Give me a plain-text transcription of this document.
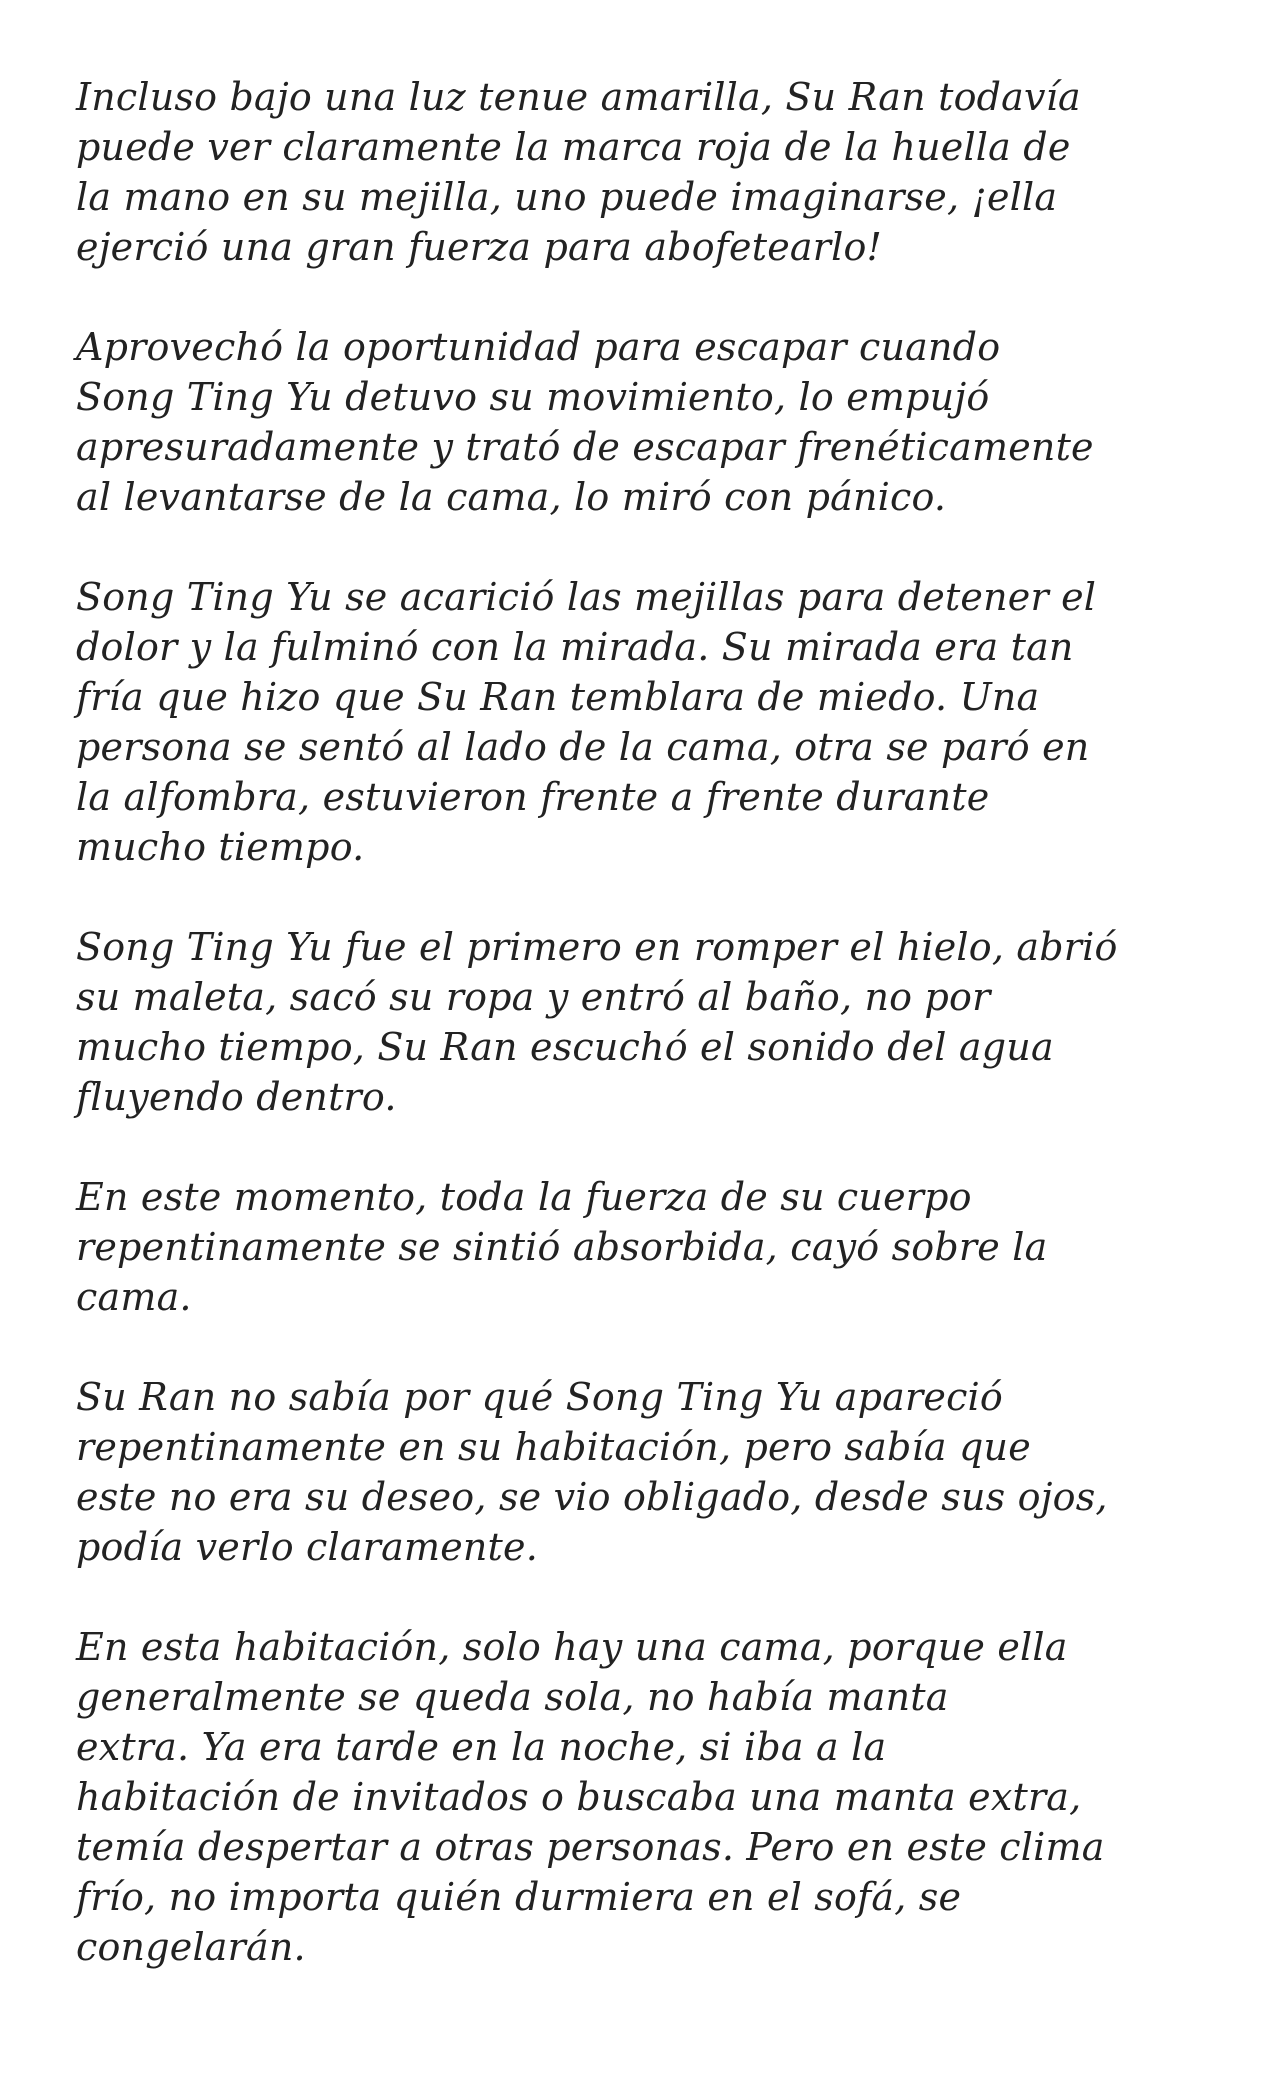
Incluso bajo una luz tenue amarilla, Su Ran todavía
puede ver claramente la marca roja de la huella de
la mano en su mejilla, uno puede imaginarse, ¡ella
ejerció una gran fuerza para abofetearlo!

Aprovechó la oportunidad para escapar cuando
Song Ting Yu detuvo su movimiento, lo empujó
apresuradamente y trató de escapar frenéticamente
al levantarse de la cama, lo miró con pánico.

Song Ting Yu se acarició las mejillas para detener el
dolor y la fulminó con la mirada. Su mirada era tan
fría que hizo que Su Ran temblara de miedo. Una
persona se sentó al lado de la cama, otra se paró en
la alfombra, estuvieron frente a frente durante
mucho tiempo.

Song Ting Yu fue el primero en romper el hielo, abrió
su maleta, sacó su ropa y entró al baño, no por
mucho tiempo, Su Ran escuchó el sonido del agua
fluyendo dentro.

En este momento, toda la fuerza de su cuerpo
repentinamente se sintió absorbida, cayó sobre la
cama.

Su Ran no sabía por qué Song Ting Yu apareció
repentinamente en su habitación, pero sabía que
este no era su deseo, se vio obligado, desde sus ojos,
podía verlo claramente.

En esta habitación, solo hay una cama, porque ella
generalmente se queda sola, no había manta
extra. Ya era tarde en la noche, si iba a la
habitación de invitados o buscaba una manta extra,
temía despertar a otras personas. Pero en este clima
frío, no importa quién durmiera en el sofá, se
congelarán.
